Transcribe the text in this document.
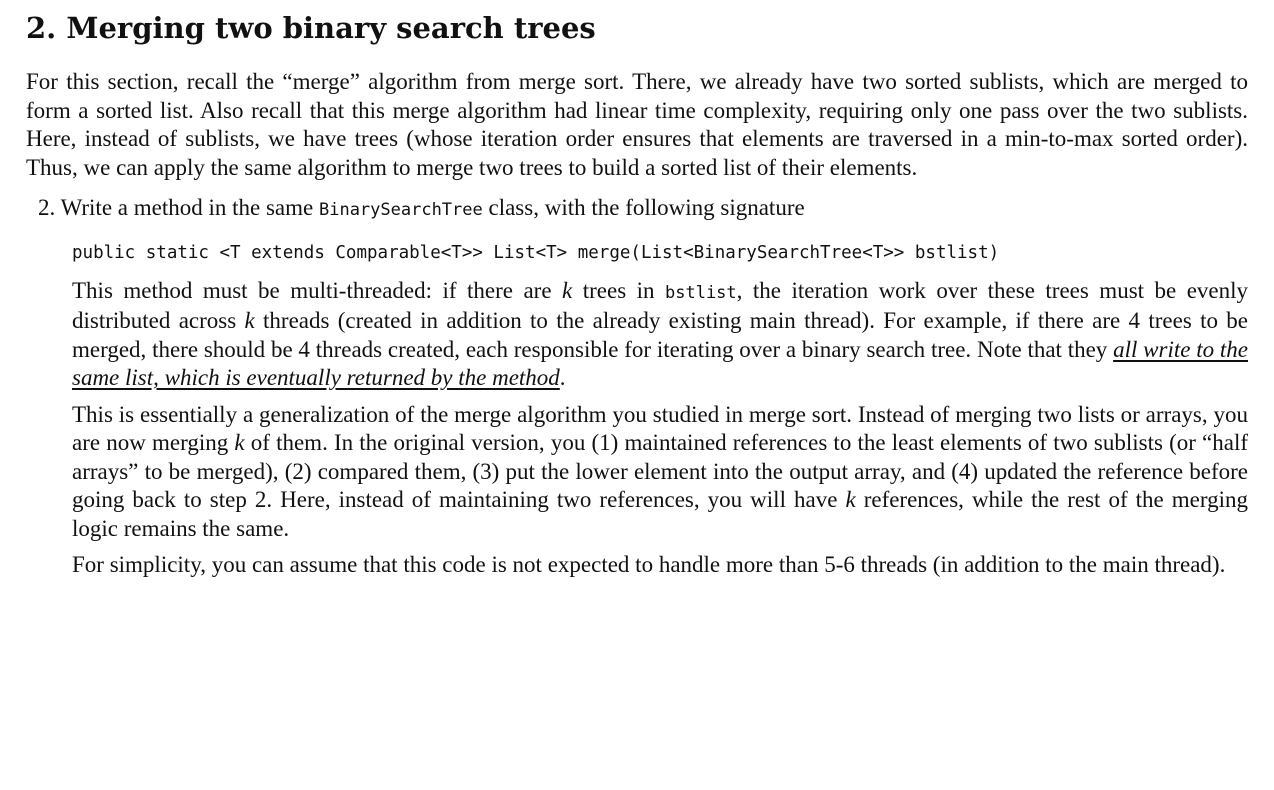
2. Merging two binary search trees

For this section, recall the “merge” algorithm from merge sort. There, we already have two sorted sublists, which are merged to form a sorted list. Also recall that this merge algorithm had linear time complexity, requiring only one pass over the two sublists. Here, instead of sublists, we have trees (whose iteration order ensures that elements are traversed in a min-to-max sorted order). Thus, we can apply the same algorithm to merge two trees to build a sorted list of their elements.

2. Write a method in the same BinarySearchTree class, with the following signature
public static <T extends Comparable<T>> List<T> merge(List<BinarySearchTree<T>> bstlist)

This method must be multi-threaded: if there are k trees in bstlist, the iteration work over these trees must be evenly distributed across k threads (created in addition to the already existing main thread). For example, if there are 4 trees to be merged, there should be 4 threads created, each responsible for iterating over a binary search tree. Note that they all write to the same list, which is eventually returned by the method.

This is essentially a generalization of the merge algorithm you studied in merge sort. Instead of merging two lists or arrays, you are now merging k of them. In the original version, you (1) maintained references to the least elements of two sublists (or “half arrays” to be merged), (2) compared them, (3) put the lower element into the output array, and (4) updated the reference before going back to step 2. Here, instead of maintaining two references, you will have k references, while the rest of the merging logic remains the same.

For simplicity, you can assume that this code is not expected to handle more than 5-6 threads (in addition to the main thread).
